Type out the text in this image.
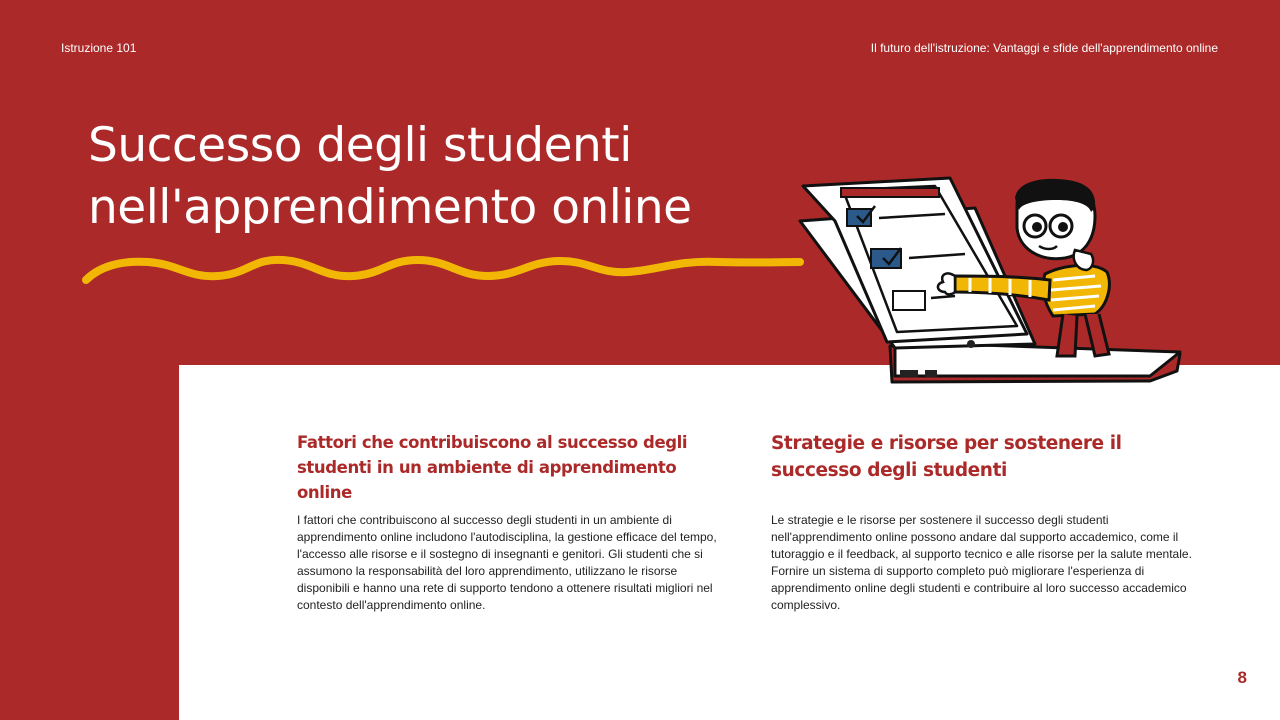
Istruzione 101	Il futuro dell'istruzione: Vantaggi e sfide dell'apprendimento online
Successo degli studenti
nell'apprendimento online
Fattori che contribuiscono al successo degli studenti in un ambiente di apprendimento online

I fattori che contribuiscono al successo degli studenti in un ambiente di apprendimento online includono l'autodisciplina, la gestione efficace del tempo, l'accesso alle risorse e il sostegno di insegnanti e genitori. Gli studenti che si assumono la responsabilità del loro apprendimento, utilizzano le risorse disponibili e hanno una rete di supporto tendono a ottenere risultati migliori nel contesto dell'apprendimento online.

Strategie e risorse per sostenere il successo degli studenti

Le strategie e le risorse per sostenere il successo degli studenti nell'apprendimento online possono andare dal supporto accademico, come il tutoraggio e il feedback, al supporto tecnico e alle risorse per la salute mentale. Fornire un sistema di supporto completo può migliorare l'esperienza di apprendimento online degli studenti e contribuire al loro successo accademico complessivo.

8
